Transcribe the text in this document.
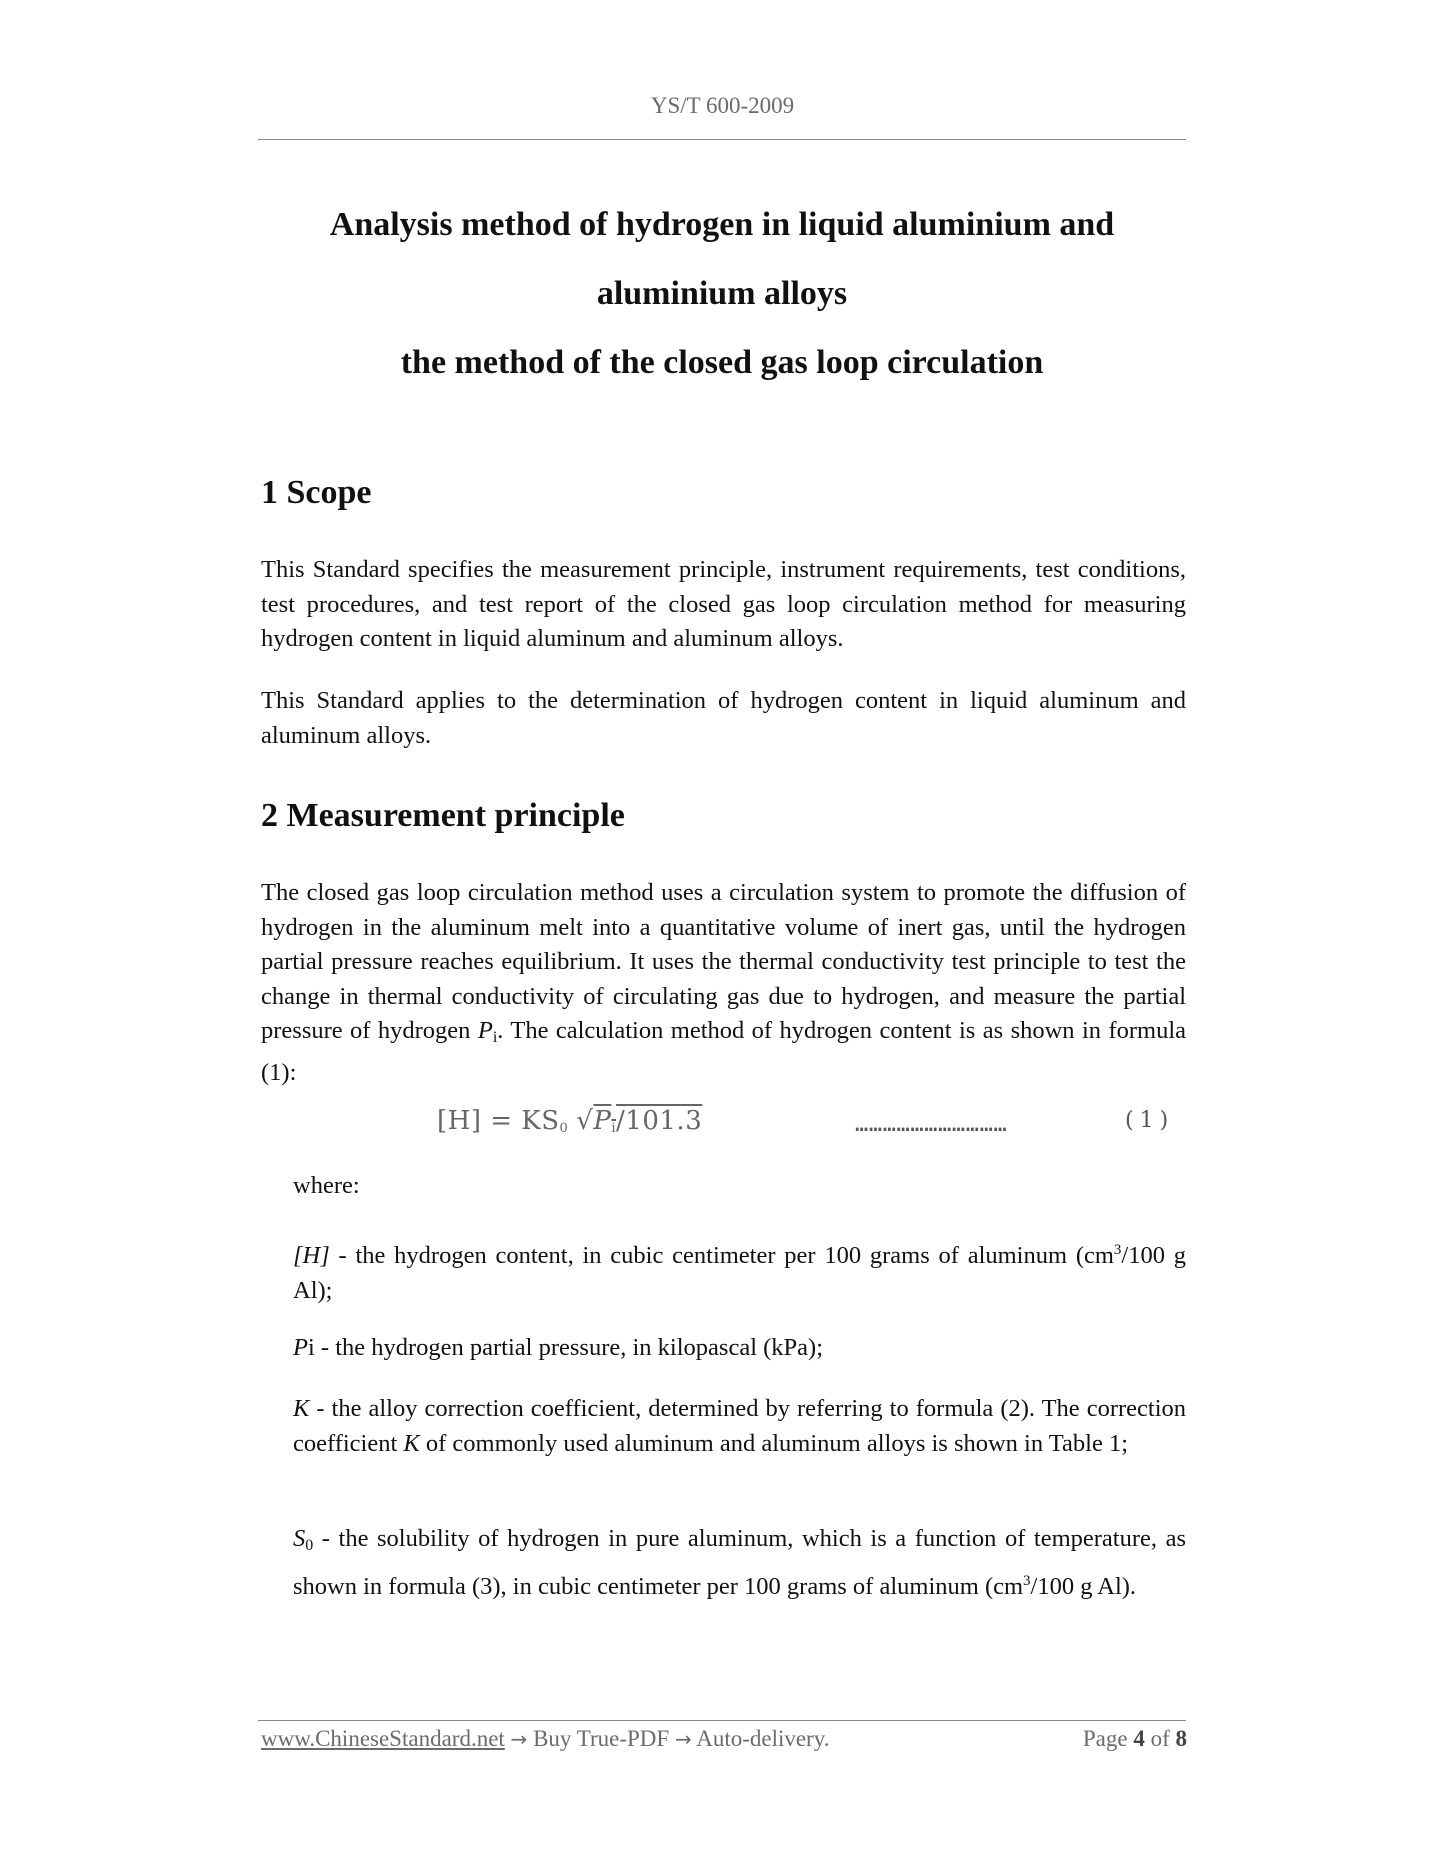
YS/T 600-2009
Analysis method of hydrogen in liquid aluminium and
aluminium alloys
the method of the closed gas loop circulation
1 Scope

This Standard specifies the measurement principle, instrument requirements, test conditions, test procedures, and test report of the closed gas loop circulation method for measuring hydrogen content in liquid aluminum and aluminum alloys.

This Standard applies to the determination of hydrogen content in liquid aluminum and aluminum alloys.

2 Measurement principle

The closed gas loop circulation method uses a circulation system to promote the diffusion of hydrogen in the aluminum melt into a quantitative volume of inert gas, until the hydrogen partial pressure reaches equilibrium. It uses the thermal conductivity test principle to test the change in thermal conductivity of circulating gas due to hydrogen, and measure the partial pressure of hydrogen $P_i$. The calculation method of hydrogen content is as shown in formula (1):

[H] = KS0 √Pi/101.3	……………………………	(1)

where:

[H] - the hydrogen content, in cubic centimeter per 100 grams of aluminum ($cm^3/100$ g Al);

Pi - the hydrogen partial pressure, in kilopascal (kPa);

K - the alloy correction coefficient, determined by referring to formula (2). The correction coefficient K of commonly used aluminum and aluminum alloys is shown in Table 1;

$S_0$ - the solubility of hydrogen in pure aluminum, which is a function of temperature, as shown in formula (3), in cubic centimeter per 100 grams of aluminum ($cm^3/100$ g Al).

www.ChineseStandard.net → Buy True-PDF → Auto-delivery.	Page 4 of 8
